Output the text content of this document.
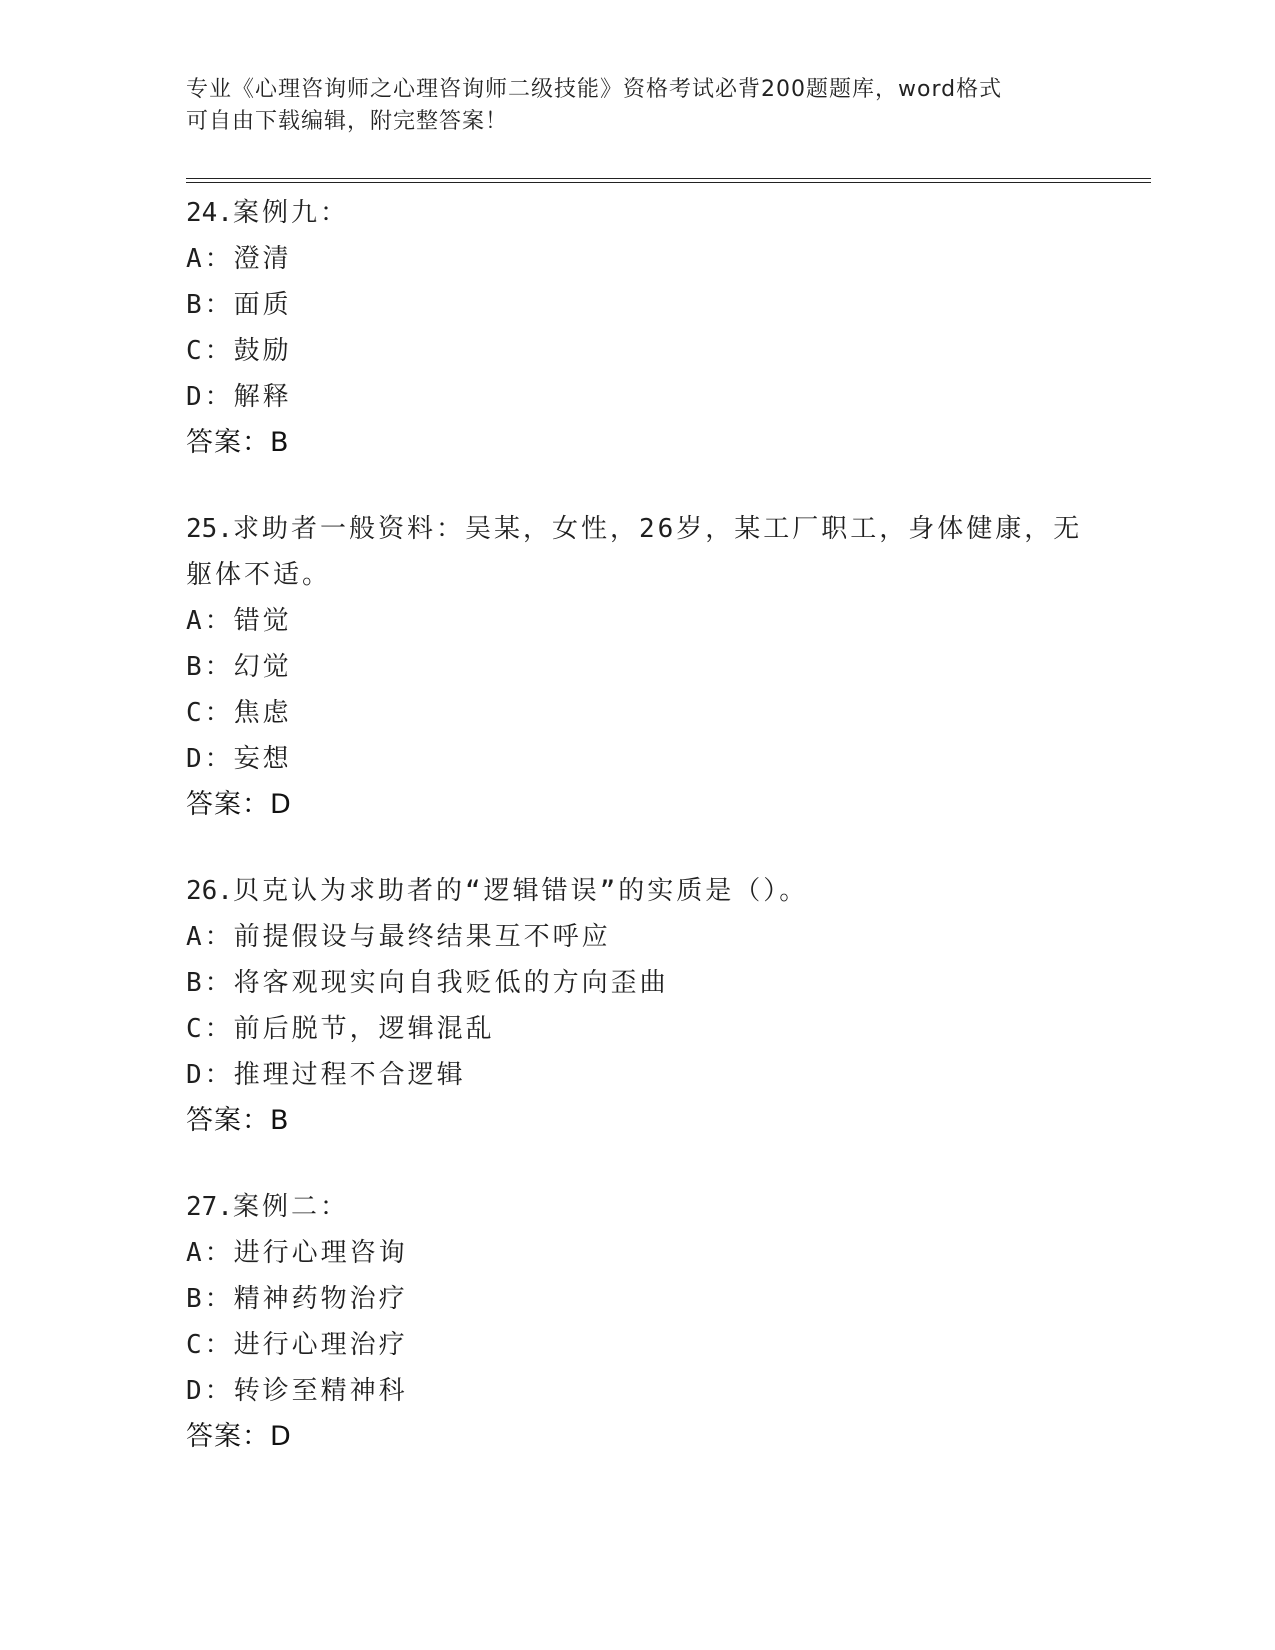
专业《心理咨询师之心理咨询师二级技能》资格考试必背200题题库，word格式
可自由下载编辑，附完整答案！
24.案例九：
A：澄清
B：面质
C：鼓励
D：解释
答案：B
25.求助者一般资料：吴某，女性，26岁，某工厂职工，身体健康，无躯体不适。
A：错觉
B：幻觉
C：焦虑
D：妄想
答案：D
26.贝克认为求助者的“逻辑错误”的实质是（）。
A：前提假设与最终结果互不呼应
B：将客观现实向自我贬低的方向歪曲
C：前后脱节，逻辑混乱
D：推理过程不合逻辑
答案：B
27.案例二：
A：进行心理咨询
B：精神药物治疗
C：进行心理治疗
D：转诊至精神科
答案：D
